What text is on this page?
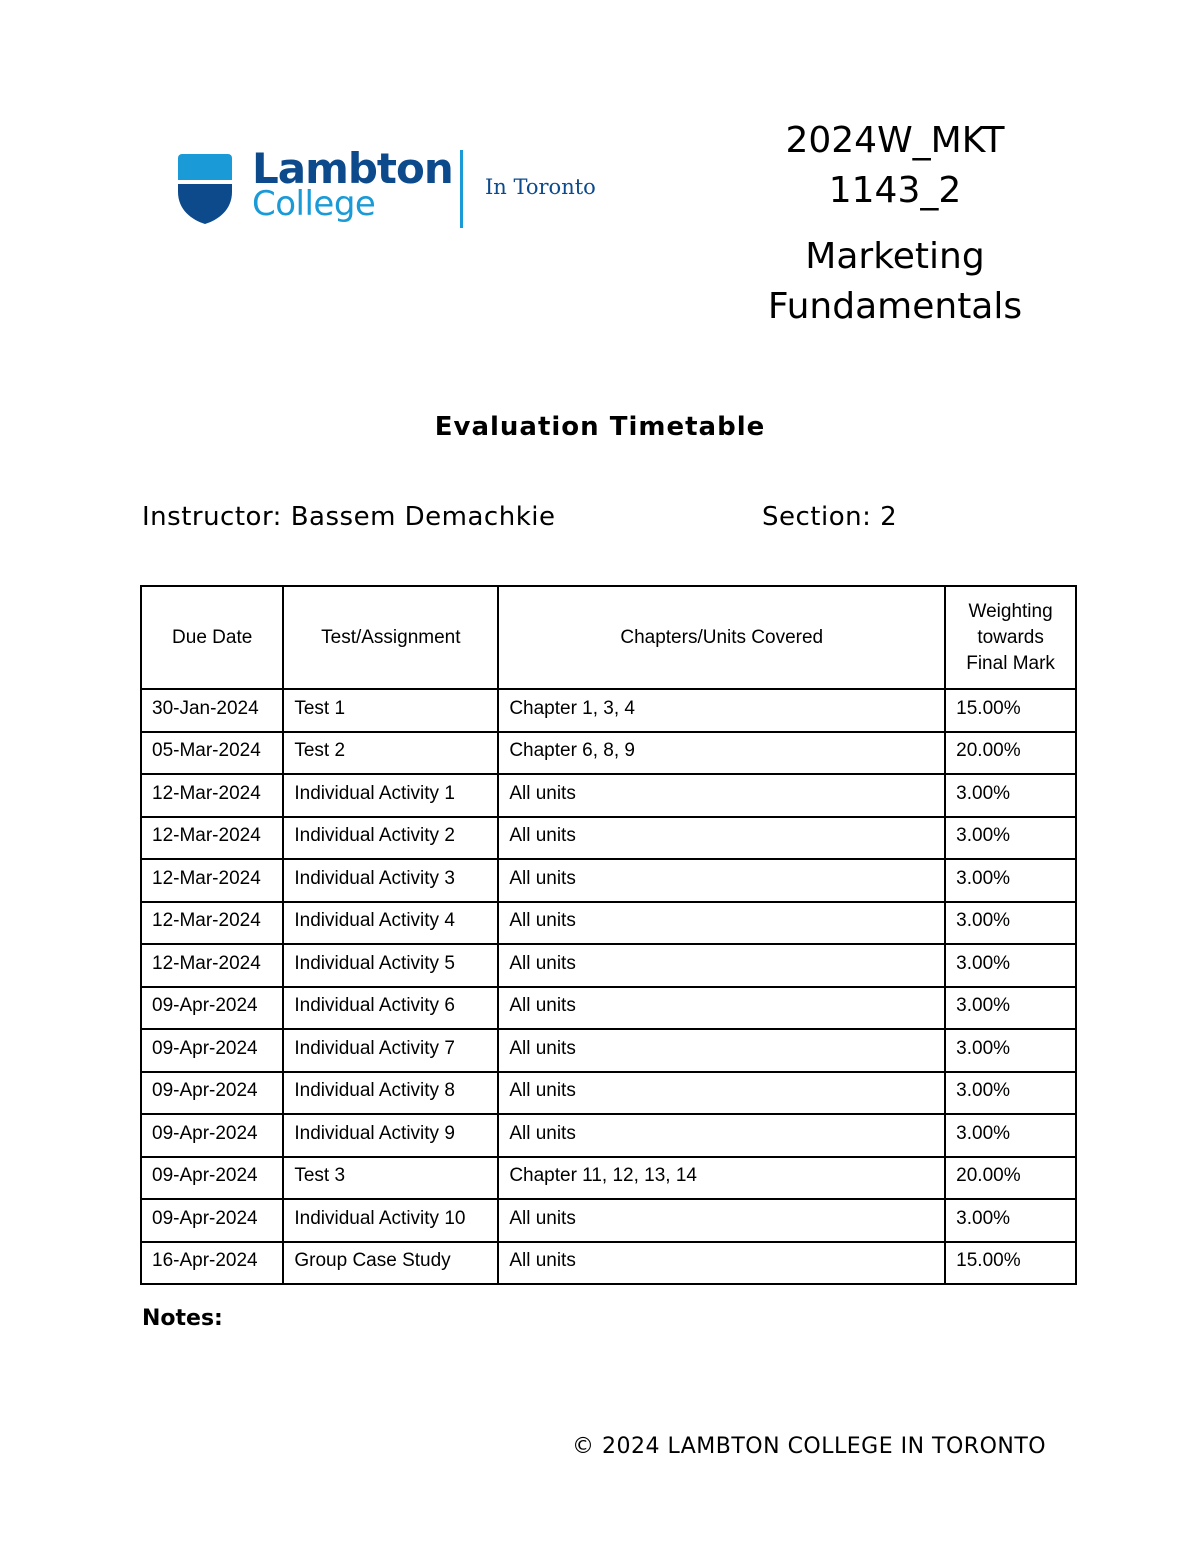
Lambton
College	In Toronto
2024W_MKT
1143_2
Marketing
Fundamentals
Evaluation Timetable
Instructor: Bassem Demachkie	Section: 2
Due Date	Test/Assignment	Chapters/Units Covered	Weighting
towards
Final Mark

30-Jan-2024	Test 1	Chapter 1, 3, 4	15.00%
05-Mar-2024	Test 2	Chapter 6, 8, 9	20.00%
12-Mar-2024	Individual Activity 1	All units	3.00%
12-Mar-2024	Individual Activity 2	All units	3.00%
12-Mar-2024	Individual Activity 3	All units	3.00%
12-Mar-2024	Individual Activity 4	All units	3.00%
12-Mar-2024	Individual Activity 5	All units	3.00%
09-Apr-2024	Individual Activity 6	All units	3.00%
09-Apr-2024	Individual Activity 7	All units	3.00%
09-Apr-2024	Individual Activity 8	All units	3.00%
09-Apr-2024	Individual Activity 9	All units	3.00%
09-Apr-2024	Test 3	Chapter 11, 12, 13, 14	20.00%
09-Apr-2024	Individual Activity 10	All units	3.00%
16-Apr-2024	Group Case Study	All units	15.00%
Notes:
© 2024 LAMBTON COLLEGE IN TORONTO
